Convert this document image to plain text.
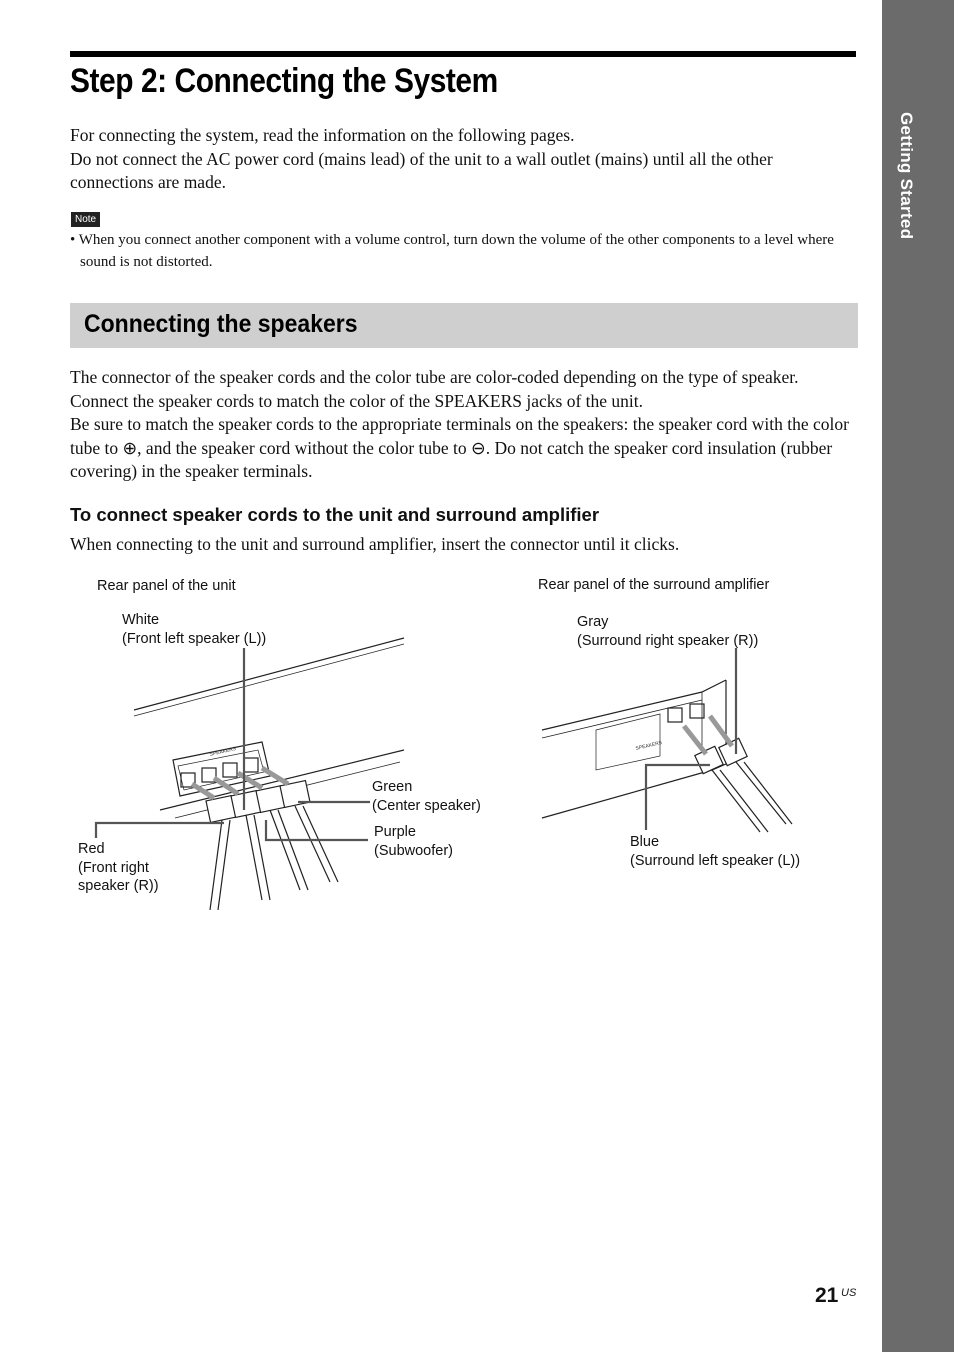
Getting Started
Step 2: Connecting the System
For connecting the system, read the information on the following pages.
Do not connect the AC power cord (mains lead) of the unit to a wall outlet (mains) until all the other connections are made.
Note
• When you connect another component with a volume control, turn down the volume of the other components to a level where sound is not distorted.
Connecting the speakers
The connector of the speaker cords and the color tube are color-coded depending on the type of speaker. Connect the speaker cords to match the color of the SPEAKERS jacks of the unit.
Be sure to match the speaker cords to the appropriate terminals on the speakers: the speaker cord with the color tube to ⊕, and the speaker cord without the color tube to ⊖. Do not catch the speaker cord insulation (rubber covering) in the speaker terminals.
To connect speaker cords to the unit and surround amplifier
When connecting to the unit and surround amplifier, insert the connector until it clicks.
Rear panel of the unit	Rear panel of the surround amplifier
White
(Front left speaker (L))
Green
(Center speaker)
Purple
(Subwoofer)
Red
(Front right
speaker (R))
Gray
(Surround right speaker (R))
Blue
(Surround left speaker (L))
SPEAKERS
SPEAKERS
21 US
